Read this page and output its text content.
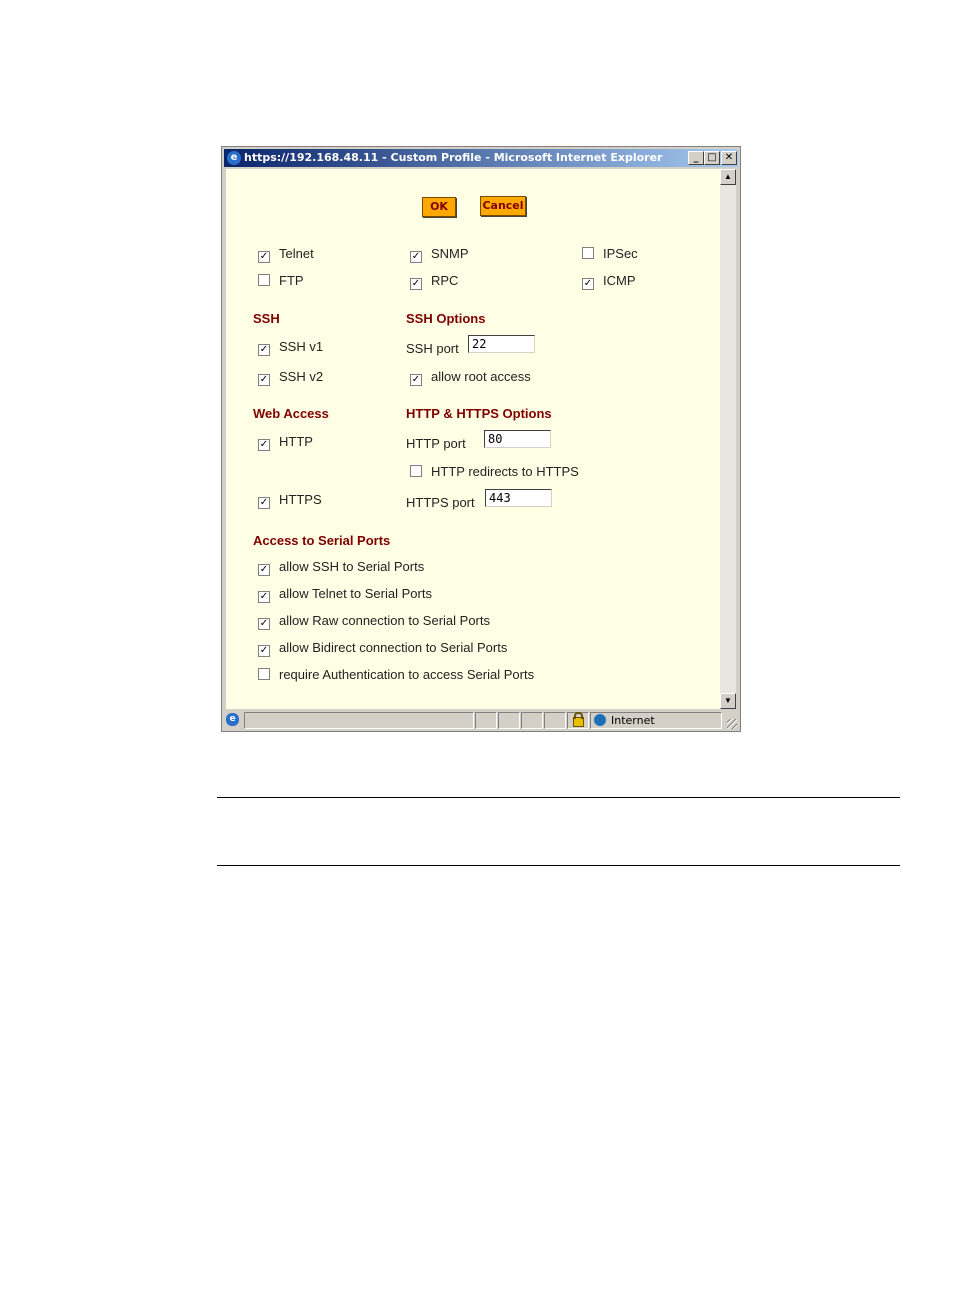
e https://192.168.48.11 - Custom Profile - Microsoft Internet Explorer	_ □ ✕
OK	Cancel
✓ Telnet	✓ SNMP	IPSec
FTP	✓ RPC	✓ ICMP
SSH	SSH Options
✓ SSH v1	SSH port	22
✓ SSH v2	✓ allow root access
Web Access	HTTP & HTTPS Options
✓ HTTP	HTTP port	80
HTTP redirects to HTTPS
✓ HTTPS	HTTPS port	443
Access to Serial Ports
✓ allow SSH to Serial Ports
✓ allow Telnet to Serial Ports
✓ allow Raw connection to Serial Ports
✓ allow Bidirect connection to Serial Ports
require Authentication to access Serial Ports
▲
▼
e	Internet
